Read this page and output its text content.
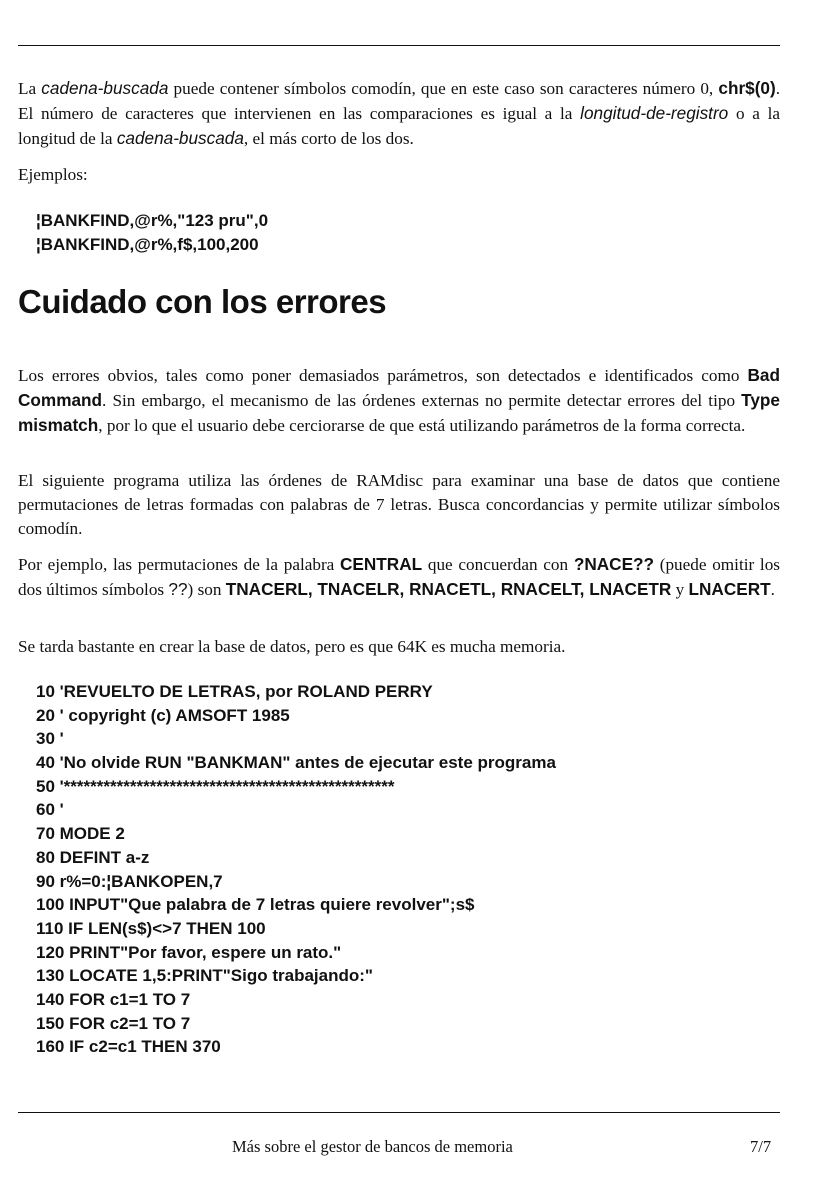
La cadena-buscada puede contener símbolos comodín, que en este caso son caracteres número 0, chr$(0). El número de caracteres que intervienen en las comparaciones es igual a la longitud-de-registro o a la longitud de la cadena-buscada, el más corto de los dos.

Ejemplos:

¦BANKFIND,@r%,"123 pru",0
¦BANKFIND,@r%,f$,100,200
Cuidado con los errores

Los errores obvios, tales como poner demasiados parámetros, son detectados e identificados como Bad Command. Sin embargo, el mecanismo de las órdenes externas no permite detectar errores del tipo Type mismatch, por lo que el usuario debe cerciorarse de que está utilizando parámetros de la forma correcta.

El siguiente programa utiliza las órdenes de RAMdisc para examinar una base de datos que contiene permutaciones de letras formadas con palabras de 7 letras. Busca concordancias y permite utilizar símbolos comodín.

Por ejemplo, las permutaciones de la palabra CENTRAL que concuerdan con ?NACE?? (puede omitir los dos últimos símbolos ??) son TNACERL, TNACELR, RNACETL, RNACELT, LNACETR y LNACERT.

Se tarda bastante en crear la base de datos, pero es que 64K es mucha memoria.

10 'REVUELTO DE LETRAS, por ROLAND PERRY
20 ' copyright (c) AMSOFT 1985
30 '
40 'No olvide RUN "BANKMAN" antes de ejecutar este programa
50 '**************************************************
60 '
70 MODE 2
80 DEFINT a-z
90 r%=0:¦BANKOPEN,7
100 INPUT"Que palabra de 7 letras quiere revolver";s$
110 IF LEN(s$)<>7 THEN 100
120 PRINT"Por favor, espere un rato."
130 LOCATE 1,5:PRINT"Sigo trabajando:"
140 FOR c1=1 TO 7
150 FOR c2=1 TO 7
160 IF c2=c1 THEN 370
Más sobre el gestor de bancos de memoria	7/7
